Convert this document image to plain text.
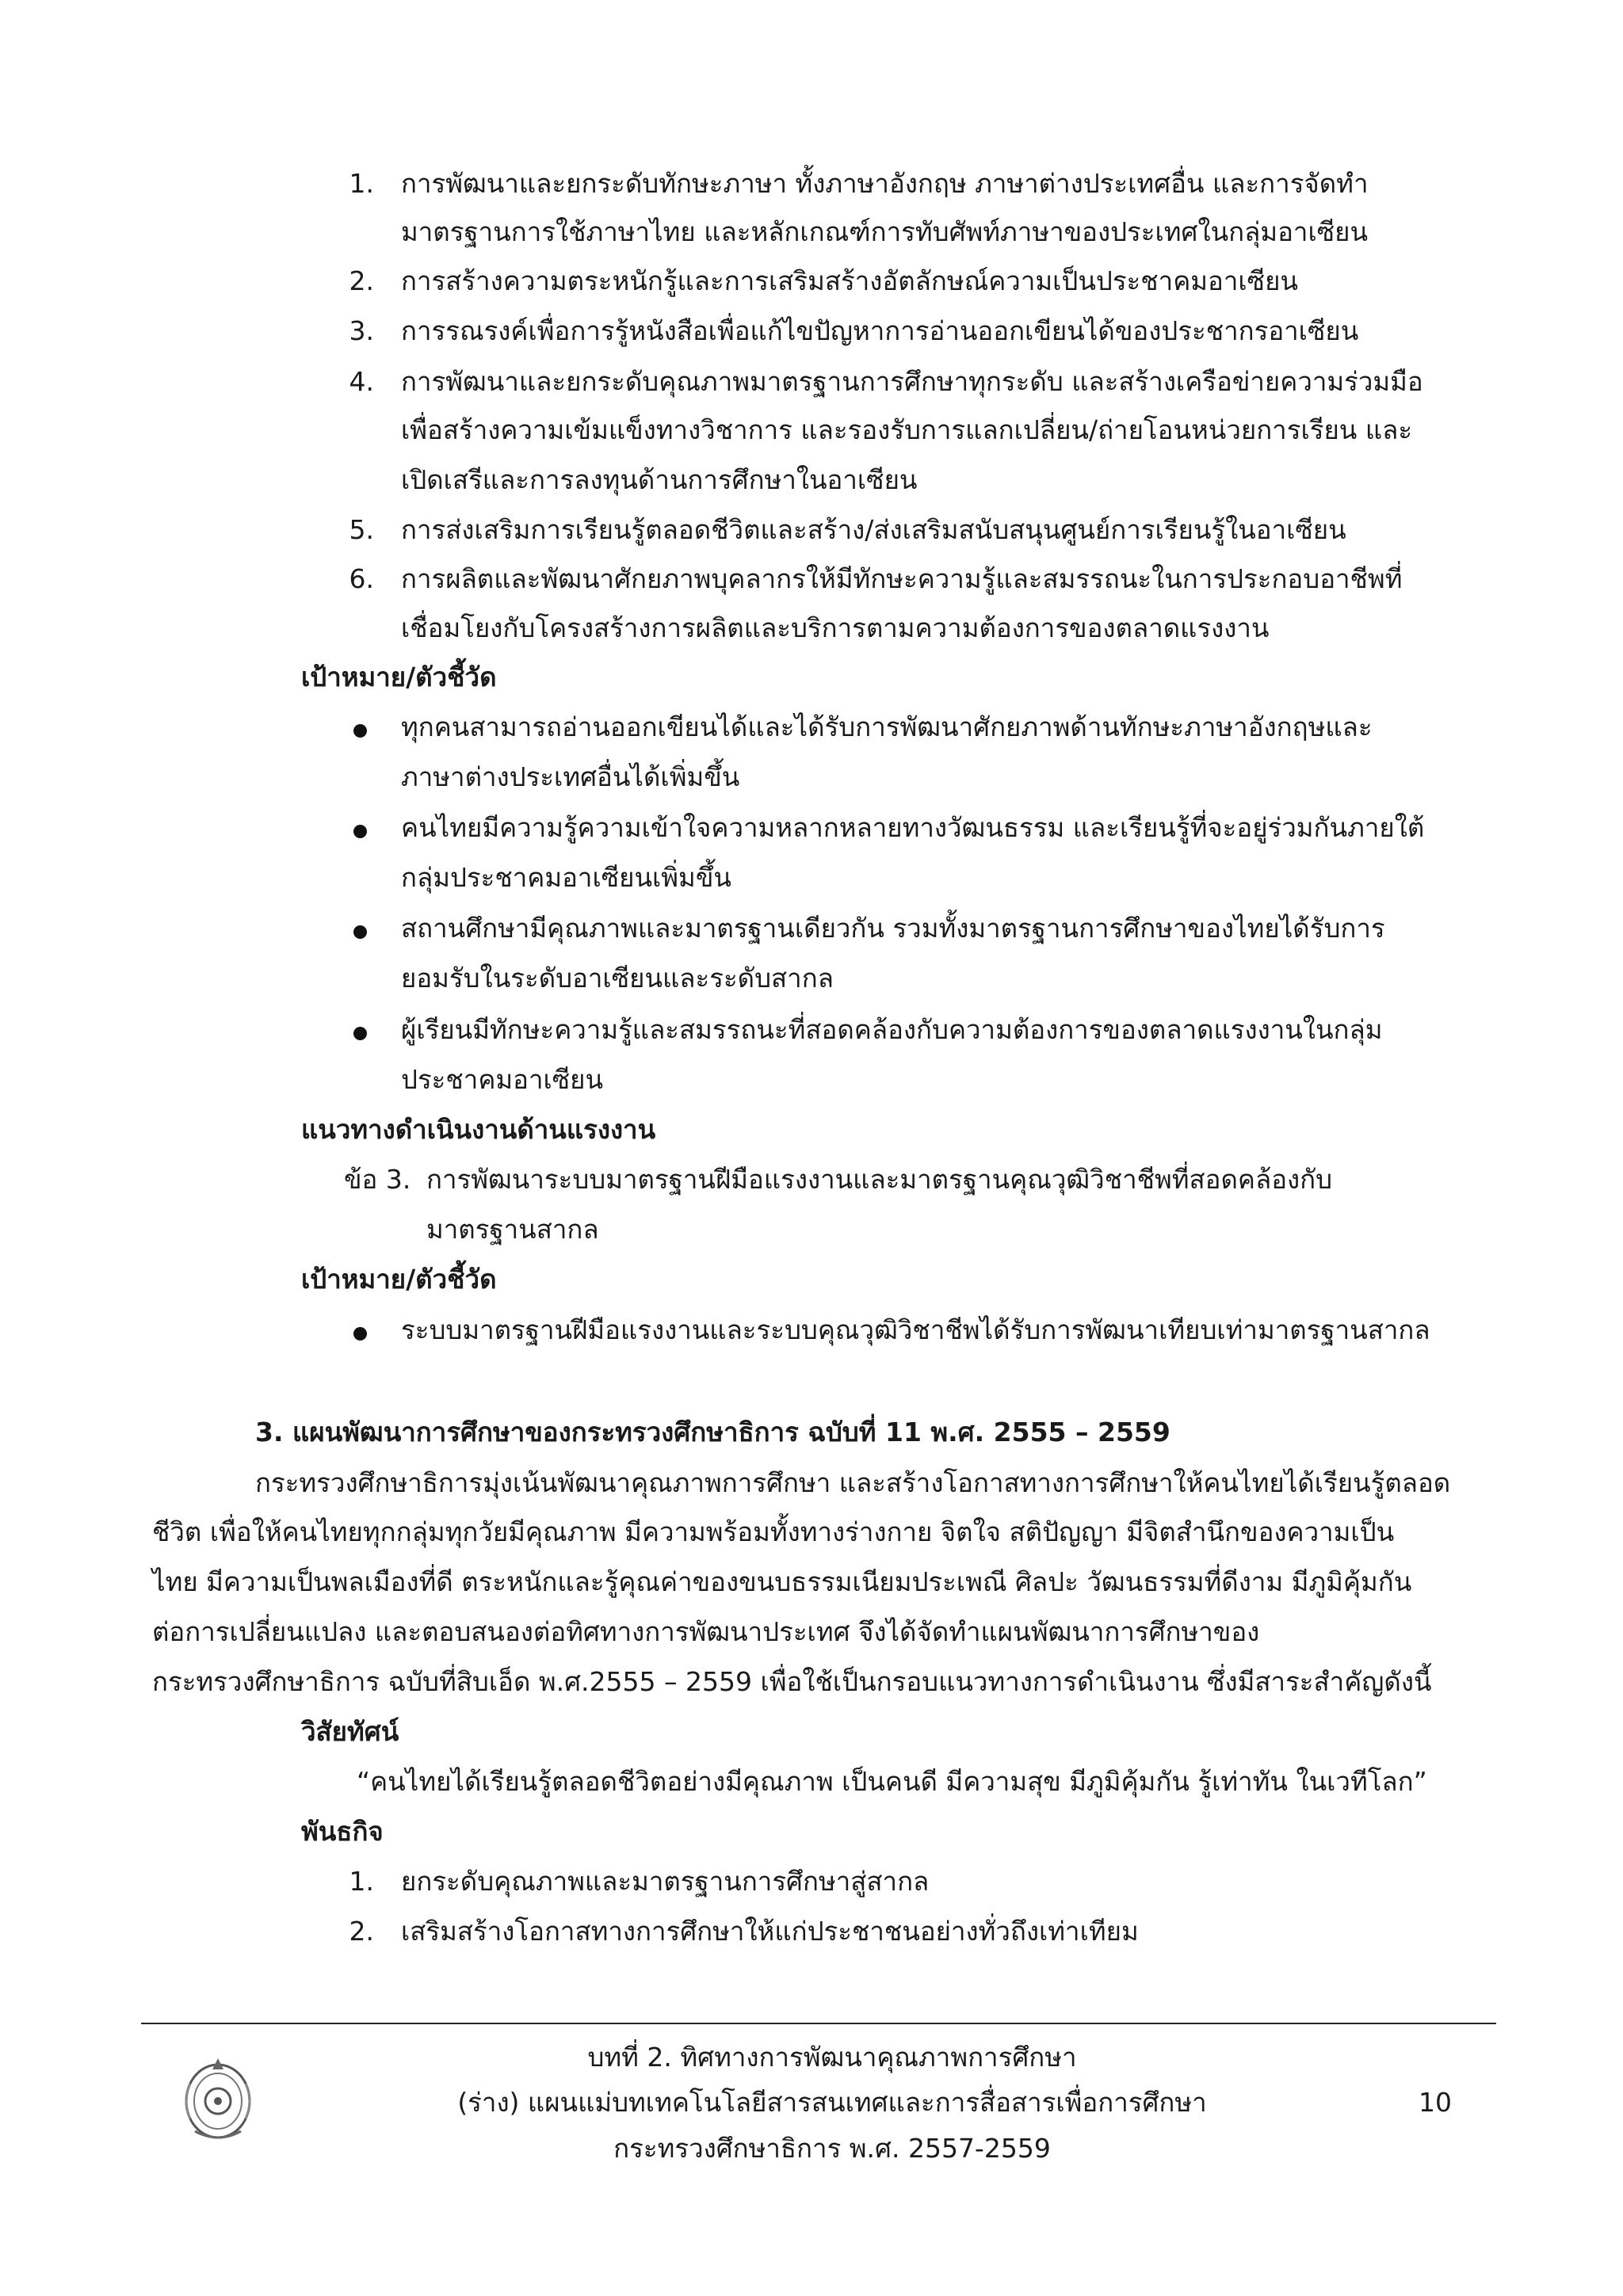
1. การพัฒนาและยกระดับทักษะภาษา ทั้งภาษาอังกฤษ ภาษาต่างประเทศอื่น และการจัดทำ
มาตรฐานการใช้ภาษาไทย และหลักเกณฑ์การทับศัพท์ภาษาของประเทศในกลุ่มอาเซียน
2. การสร้างความตระหนักรู้และการเสริมสร้างอัตลักษณ์ความเป็นประชาคมอาเซียน
3. การรณรงค์เพื่อการรู้หนังสือเพื่อแก้ไขปัญหาการอ่านออกเขียนได้ของประชากรอาเซียน
4. การพัฒนาและยกระดับคุณภาพมาตรฐานการศึกษาทุกระดับ และสร้างเครือข่ายความร่วมมือ
เพื่อสร้างความเข้มแข็งทางวิชาการ และรองรับการแลกเปลี่ยน/ถ่ายโอนหน่วยการเรียน และ
เปิดเสรีและการลงทุนด้านการศึกษาในอาเซียน
5. การส่งเสริมการเรียนรู้ตลอดชีวิตและสร้าง/ส่งเสริมสนับสนุนศูนย์การเรียนรู้ในอาเซียน
6. การผลิตและพัฒนาศักยภาพบุคลากรให้มีทักษะความรู้และสมรรถนะในการประกอบอาชีพที่
เชื่อมโยงกับโครงสร้างการผลิตและบริการตามความต้องการของตลาดแรงงาน
เป้าหมาย/ตัวชี้วัด
ทุกคนสามารถอ่านออกเขียนได้และได้รับการพัฒนาศักยภาพด้านทักษะภาษาอังกฤษและ
ภาษาต่างประเทศอื่นได้เพิ่มขึ้น
คนไทยมีความรู้ความเข้าใจความหลากหลายทางวัฒนธรรม และเรียนรู้ที่จะอยู่ร่วมกันภายใต้
กลุ่มประชาคมอาเซียนเพิ่มขึ้น
สถานศึกษามีคุณภาพและมาตรฐานเดียวกัน รวมทั้งมาตรฐานการศึกษาของไทยได้รับการ
ยอมรับในระดับอาเซียนและระดับสากล
ผู้เรียนมีทักษะความรู้และสมรรถนะที่สอดคล้องกับความต้องการของตลาดแรงงานในกลุ่ม
ประชาคมอาเซียน
แนวทางดำเนินงานด้านแรงงาน
ข้อ 3. การพัฒนาระบบมาตรฐานฝีมือแรงงานและมาตรฐานคุณวุฒิวิชาชีพที่สอดคล้องกับ
มาตรฐานสากล
เป้าหมาย/ตัวชี้วัด
ระบบมาตรฐานฝีมือแรงงานและระบบคุณวุฒิวิชาชีพได้รับการพัฒนาเทียบเท่ามาตรฐานสากล
3. แผนพัฒนาการศึกษาของกระทรวงศึกษาธิการ ฉบับที่ 11 พ.ศ. 2555 – 2559
กระทรวงศึกษาธิการมุ่งเน้นพัฒนาคุณภาพการศึกษา และสร้างโอกาสทางการศึกษาให้คนไทยได้เรียนรู้ตลอด
ชีวิต เพื่อให้คนไทยทุกกลุ่มทุกวัยมีคุณภาพ มีความพร้อมทั้งทางร่างกาย จิตใจ สติปัญญา มีจิตสำนึกของความเป็น
ไทย มีความเป็นพลเมืองที่ดี ตระหนักและรู้คุณค่าของขนบธรรมเนียมประเพณี ศิลปะ วัฒนธรรมที่ดีงาม มีภูมิคุ้มกัน
ต่อการเปลี่ยนแปลง และตอบสนองต่อทิศทางการพัฒนาประเทศ จึงได้จัดทำแผนพัฒนาการศึกษาของ
กระทรวงศึกษาธิการ ฉบับที่สิบเอ็ด พ.ศ.2555 – 2559 เพื่อใช้เป็นกรอบแนวทางการดำเนินงาน ซึ่งมีสาระสำคัญดังนี้
วิสัยทัศน์
“คนไทยได้เรียนรู้ตลอดชีวิตอย่างมีคุณภาพ เป็นคนดี มีความสุข มีภูมิคุ้มกัน รู้เท่าทัน ในเวทีโลก”
พันธกิจ
1. ยกระดับคุณภาพและมาตรฐานการศึกษาสู่สากล
2. เสริมสร้างโอกาสทางการศึกษาให้แก่ประชาชนอย่างทั่วถึงเท่าเทียม
บทที่ 2. ทิศทางการพัฒนาคุณภาพการศึกษา
(ร่าง) แผนแม่บทเทคโนโลยีสารสนเทศและการสื่อสารเพื่อการศึกษา
กระทรวงศึกษาธิการ พ.ศ. 2557-2559
10
